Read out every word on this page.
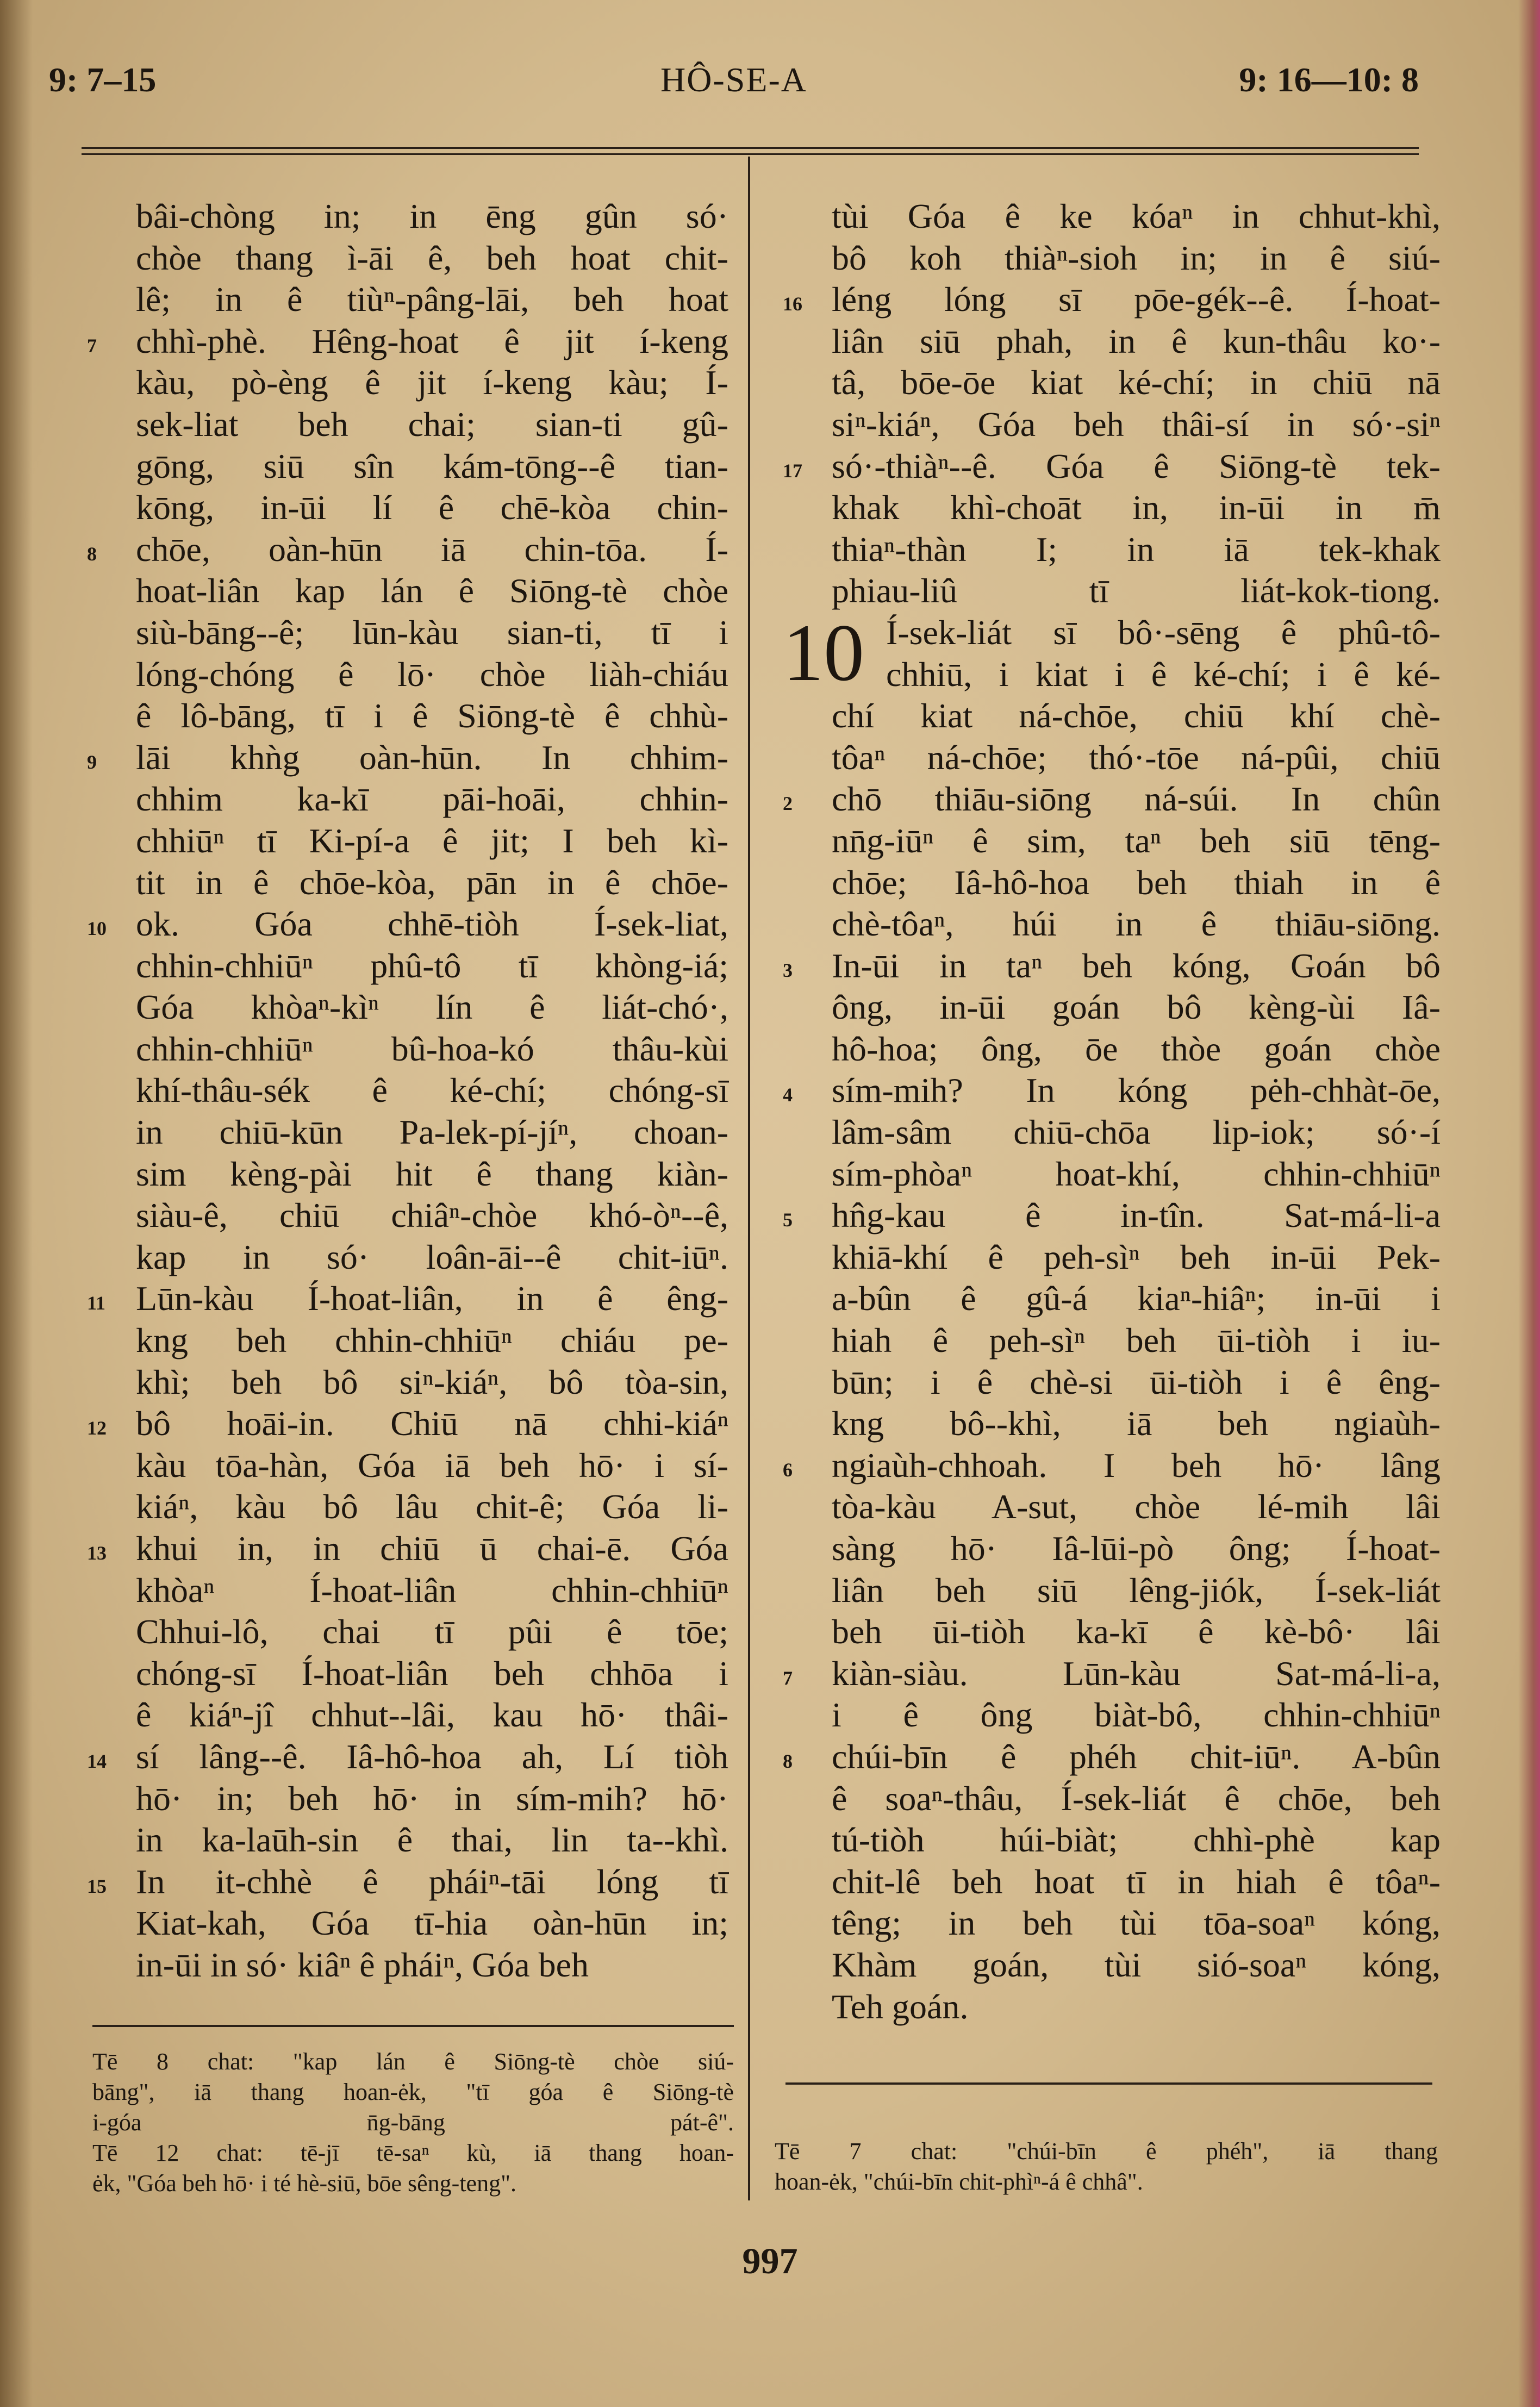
9: 7–15	HÔ-SE-A	9: 16—10: 8
bâi-chòng in; in ēng gûn só·
chòe thang ì-āi ê, beh hoat chit-
lê; in ê tiùⁿ-pâng-lāi, beh hoat
7	chhì-phè. Hêng-hoat ê jit í-keng
kàu, pò-èng ê jit í-keng kàu; Í-
sek-liat beh chai; sian-ti gû-
gōng, siū sîn kám-tōng--ê tian-
kōng, in-ūi lí ê chē-kòa chin-
8	chōe, oàn-hūn iā chin-tōa. Í-
hoat-liân kap lán ê Siōng-tè chòe
siù-bāng--ê; lūn-kàu sian-ti, tī i
lóng-chóng ê lō· chòe liàh-chiáu
ê lô-bāng, tī i ê Siōng-tè ê chhù-
9	lāi khǹg oàn-hūn. In chhim-
chhim ka-kī pāi-hoāi, chhin-
chhiūⁿ tī Ki-pí-a ê jit; I beh kì-
tit in ê chōe-kòa, pān in ê chōe-
10 ok. Góa chhē-tiòh Í-sek-liat,
chhin-chhiūⁿ phû-tô tī khòng-iá;
Góa khòaⁿ-kìⁿ lín ê liát-chó·,
chhin-chhiūⁿ bû-hoa-kó thâu-kùi
khí-thâu-sék ê ké-chí; chóng-sī
in chiū-kūn Pa-lek-pí-jíⁿ, choan-
sim kèng-pài hit ê thang kiàn-
siàu-ê, chiū chiâⁿ-chòe khó-òⁿ--ê,
kap in só· loân-āi--ê chit-iūⁿ.
11 Lūn-kàu Í-hoat-liân, in ê êng-
kng beh chhin-chhiūⁿ chiáu pe-
khì; beh bô siⁿ-kiáⁿ, bô tòa-sin,
12 bô hoāi-in. Chiū nā chhi-kiáⁿ
kàu tōa-hàn, Góa iā beh hō· i sí-
kiáⁿ, kàu bô lâu chit-ê; Góa li-
13 khui in, in chiū ū chai-ē. Góa
khòaⁿ Í-hoat-liân chhin-chhiūⁿ
Chhui-lô, chai tī pûi ê tōe;
chóng-sī Í-hoat-liân beh chhōa i
ê kiáⁿ-jî chhut--lâi, kau hō· thâi-
14 sí lâng--ê. Iâ-hô-hoa ah, Lí tiòh
hō· in; beh hō· in sím-mih? hō·
in ka-laūh-sin ê thai, lin ta--khì.
15 In it-chhè ê pháiⁿ-tāi lóng tī
Kiat-kah, Góa tī-hia oàn-hūn in;
in-ūi in só· kiâⁿ ê pháiⁿ, Góa beh
tùi Góa ê ke kóaⁿ in chhut-khì,
bô koh thiàⁿ-sioh in; in ê siú-
16 léng lóng sī pōe-gék--ê. Í-hoat-
liân siū phah, in ê kun-thâu ko·-
tâ, bōe-ōe kiat ké-chí; in chiū nā
siⁿ-kiáⁿ, Góa beh thâi-sí in só·-siⁿ
17 só·-thiàⁿ--ê. Góa ê Siōng-tè tek-
khak khì-choāt in, in-ūi in m̄
thiaⁿ-thàn I; in iā tek-khak
phiau-liû tī liát-kok-tiong.
10 Í-sek-liát sī bô·-sēng ê phû-tô-
chhiū, i kiat i ê ké-chí; i ê ké-
chí kiat ná-chōe, chiū khí chè-
tôaⁿ ná-chōe; thó·-tōe ná-pûi, chiū
2	chō thiāu-siōng ná-súi. In chûn
nn̄g-iūⁿ ê sim, taⁿ beh siū tēng-
chōe; Iâ-hô-hoa beh thiah in ê
chè-tôaⁿ, húi in ê thiāu-siōng.
3	In-ūi in taⁿ beh kóng, Goán bô
ông, in-ūi goán bô kèng-ùi Iâ-
hô-hoa; ông, ōe thòe goán chòe
4	sím-mih? In kóng pėh-chhàt-ōe,
lâm-sâm chiū-chōa lip-iok; só·-í
sím-phòaⁿ hoat-khí, chhin-chhiūⁿ
5	hn̂g-kau ê in-tîn. Sat-má-li-a
khiā-khí ê peh-sìⁿ beh in-ūi Pek-
a-bûn ê gû-á kiaⁿ-hiâⁿ; in-ūi i
hiah ê peh-sìⁿ beh ūi-tiòh i iu-
būn; i ê chè-si ūi-tiòh i ê êng-
kng bô--khì, iā beh ngiaùh-
6	ngiaùh-chhoah. I beh hō· lâng
tòa-kàu A-sut, chòe lé-mih lâi
sàng hō· Iâ-lūi-pò ông; Í-hoat-
liân beh siū lêng-jiók, Í-sek-liát
beh ūi-tiòh ka-kī ê kè-bô· lâi
7	kiàn-siàu. Lūn-kàu Sat-má-li-a,
i ê ông biàt-bô, chhin-chhiūⁿ
8	chúi-bīn ê phéh chit-iūⁿ. A-bûn
ê soaⁿ-thâu, Í-sek-liát ê chōe, beh
tú-tiòh húi-biàt; chhì-phè kap
chit-lê beh hoat tī in hiah ê tôaⁿ-
têng; in beh tùi tōa-soaⁿ kóng,
Khàm goán, tùi sió-soaⁿ kóng,
Teh goán.
Tē 8 chat: "kap lán ê Siōng-tè chòe siú-
bāng", iā thang hoan-ėk, "tī góa ê Siōng-tè
i-góa n̄g-bāng pát-ê".
Tē 12 chat: tē-jī tē-saⁿ kù, iā thang hoan-
ėk, "Góa beh hō· i té hè-siū, bōe sêng-teng".
Tē 7 chat: "chúi-bīn ê phéh", iā thang
hoan-ėk, "chúi-bīn chit-phìⁿ-á ê chhâ".
997
